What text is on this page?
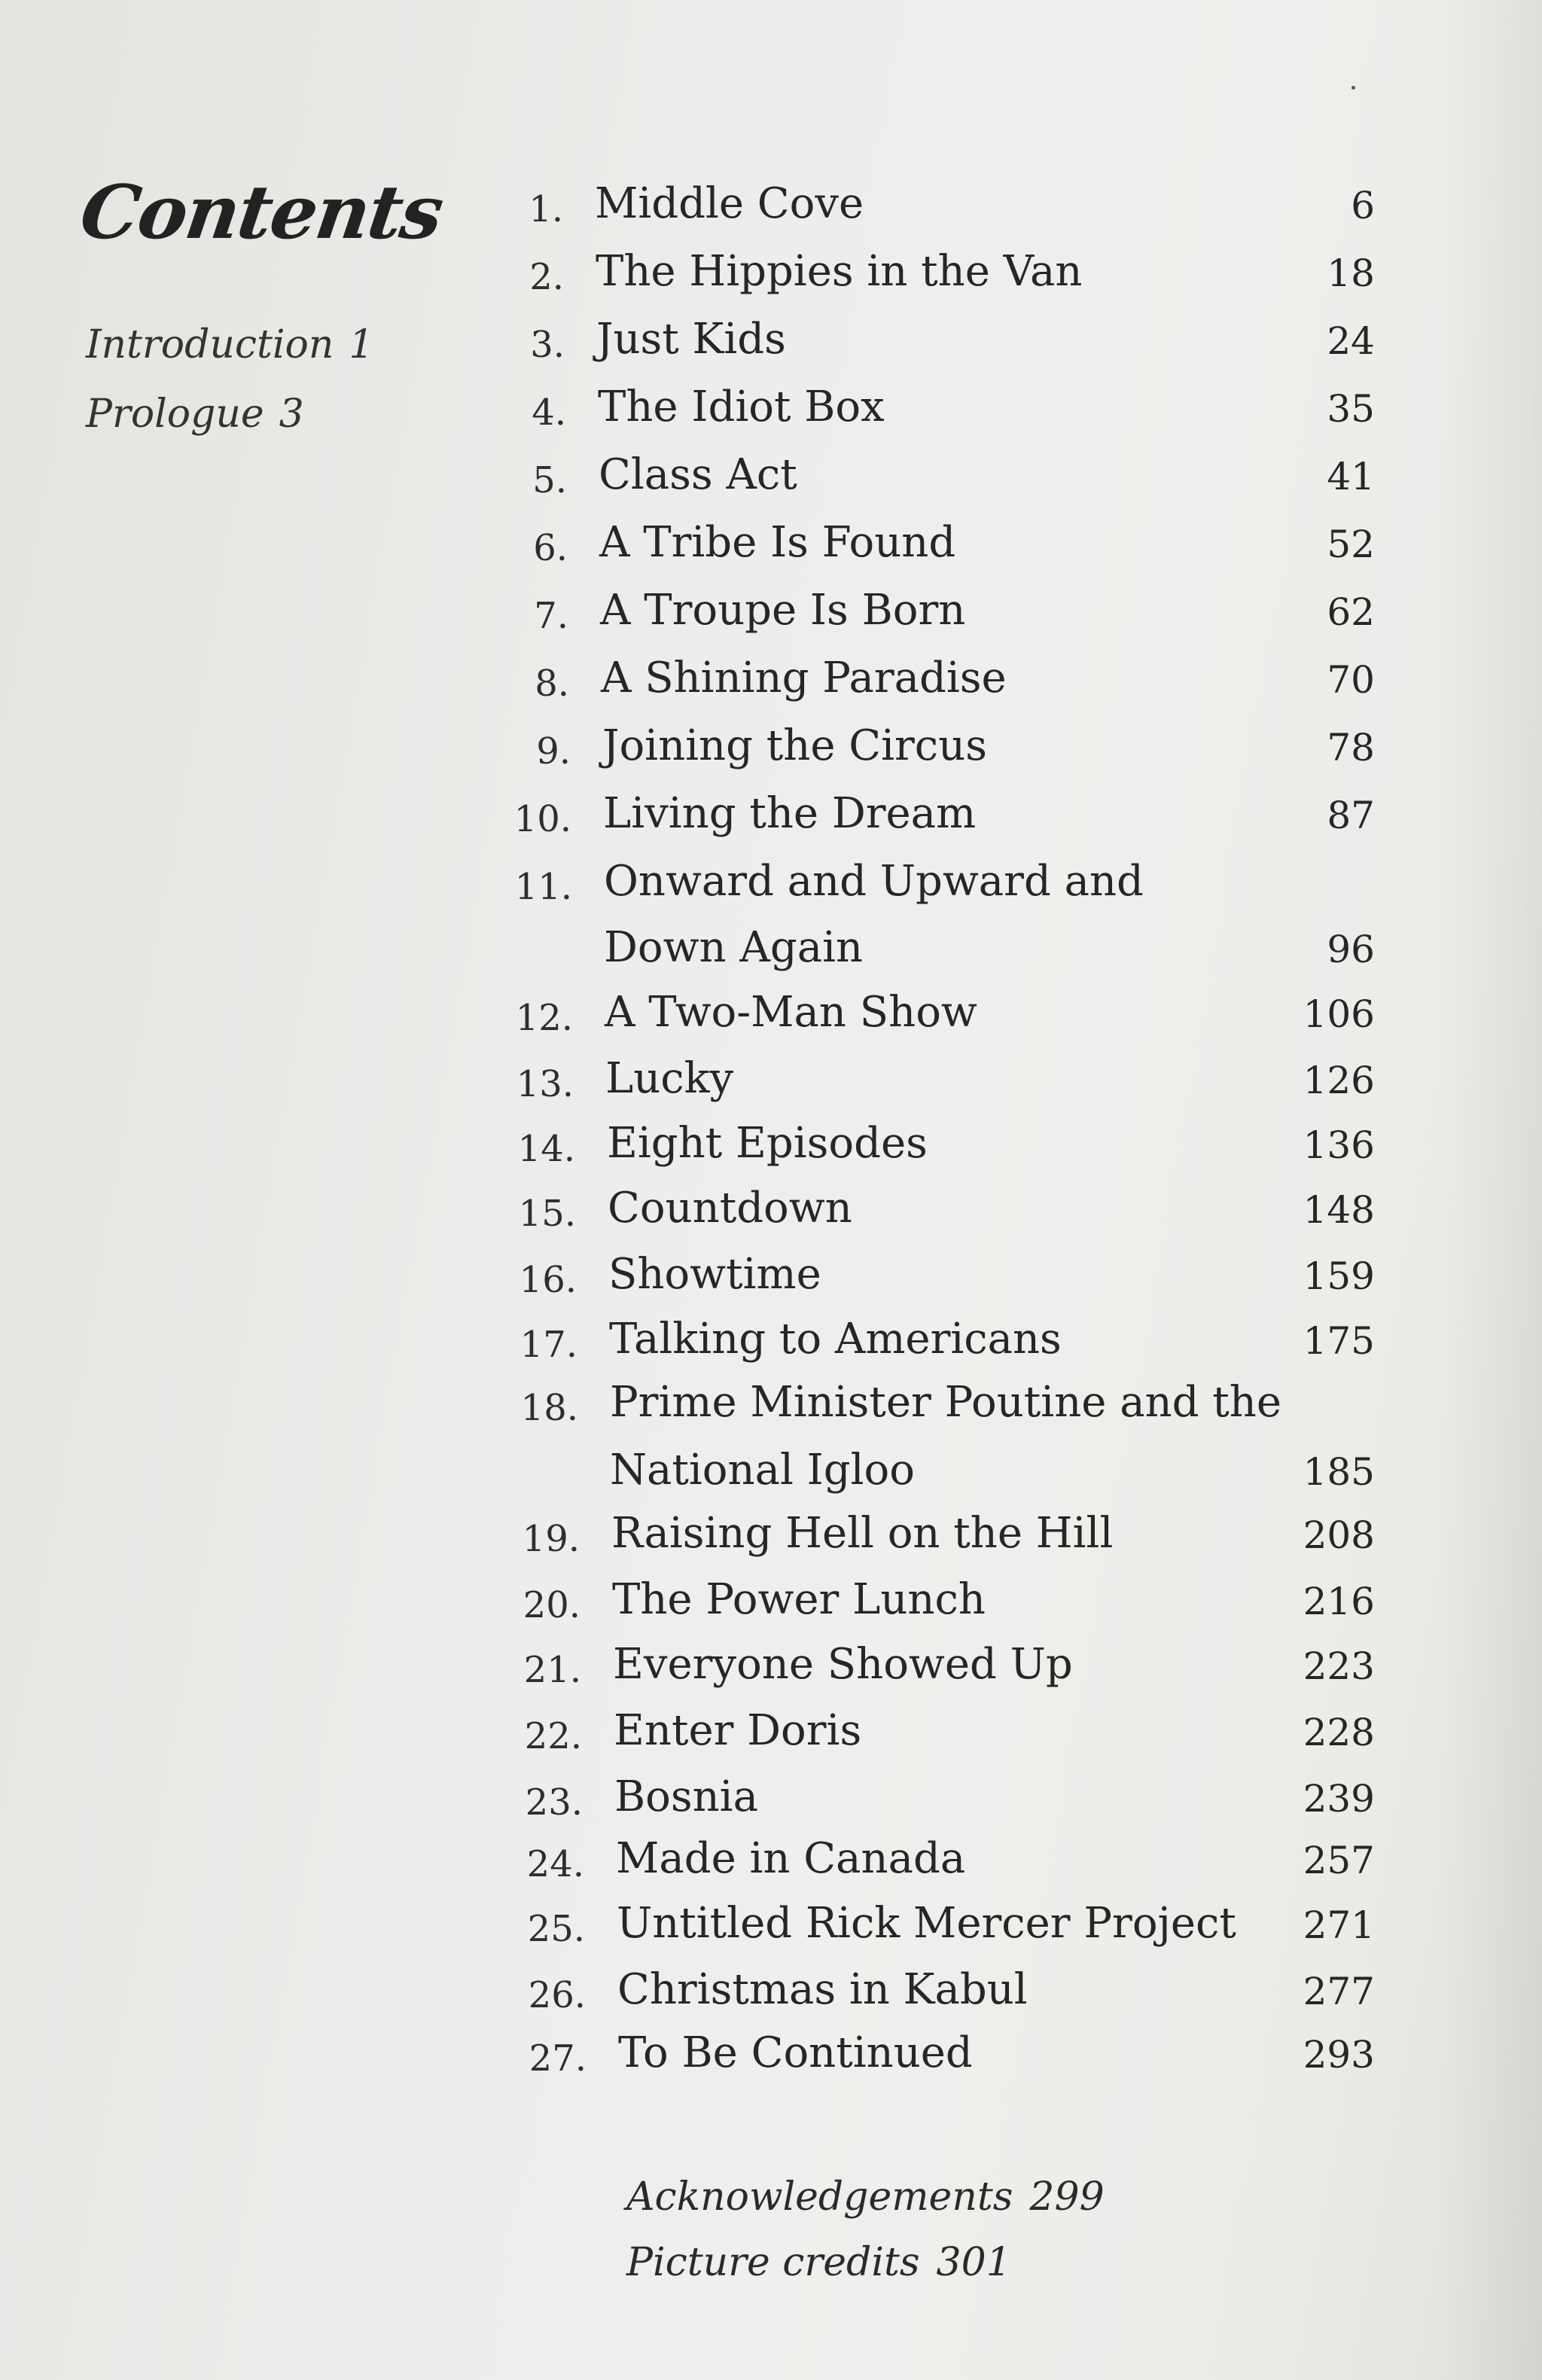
Contents
Introduction 1
Prologue 3
1. Middle Cove	6
2. The Hippies in the Van	18
3. Just Kids	24
4. The Idiot Box	35
5. Class Act	41
6. A Tribe Is Found	52
7. A Troupe Is Born	62
8. A Shining Paradise	70
9. Joining the Circus	78
10. Living the Dream	87
11. Onward and Upward and
Down Again	96
12. A Two-Man Show	106
13. Lucky	126
14. Eight Episodes	136
15. Countdown	148
16. Showtime	159
17. Talking to Americans	175
18. Prime Minister Poutine and the
National Igloo	185
19. Raising Hell on the Hill	208
20. The Power Lunch	216
21. Everyone Showed Up	223
22. Enter Doris	228
23. Bosnia	239
24. Made in Canada	257
25. Untitled Rick Mercer Project 271
26. Christmas in Kabul	277
27. To Be Continued	293
Acknowledgements 299
Picture credits 301
